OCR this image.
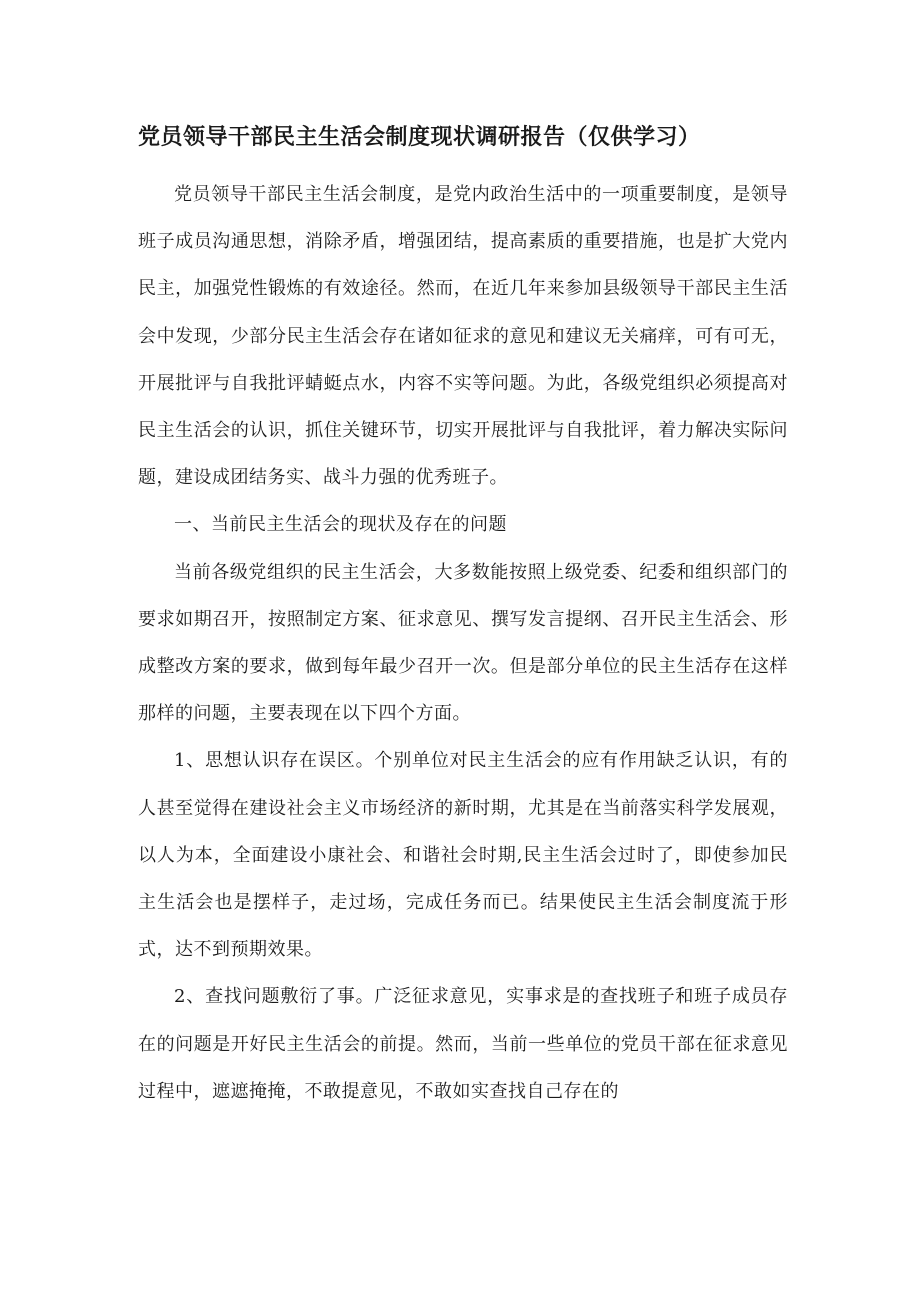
党员领导干部民主生活会制度现状调研报告（仅供学习）

党员领导干部民主生活会制度，是党内政治生活中的一项重要制度，是领导班子成员沟通思想，消除矛盾，增强团结，提高素质的重要措施，也是扩大党内民主，加强党性锻炼的有效途径。然而，在近几年来参加县级领导干部民主生活会中发现，少部分民主生活会存在诸如征求的意见和建议无关痛痒，可有可无，开展批评与自我批评蜻蜓点水，内容不实等问题。为此，各级党组织必须提高对民主生活会的认识，抓住关键环节，切实开展批评与自我批评，着力解决实际问题，建设成团结务实、战斗力强的优秀班子。

一、当前民主生活会的现状及存在的问题

当前各级党组织的民主生活会，大多数能按照上级党委、纪委和组织部门的要求如期召开，按照制定方案、征求意见、撰写发言提纲、召开民主生活会、形成整改方案的要求，做到每年最少召开一次。但是部分单位的民主生活存在这样那样的问题，主要表现在以下四个方面。

1、思想认识存在误区。个别单位对民主生活会的应有作用缺乏认识，有的人甚至觉得在建设社会主义市场经济的新时期，尤其是在当前落实科学发展观，以人为本，全面建设小康社会、和谐社会时期,民主生活会过时了，即使参加民主生活会也是摆样子，走过场，完成任务而已。结果使民主生活会制度流于形式，达不到预期效果。

2、查找问题敷衍了事。广泛征求意见，实事求是的查找班子和班子成员存在的问题是开好民主生活会的前提。然而，当前一些单位的党员干部在征求意见过程中，遮遮掩掩，不敢提意见，不敢如实查找自己存在的
